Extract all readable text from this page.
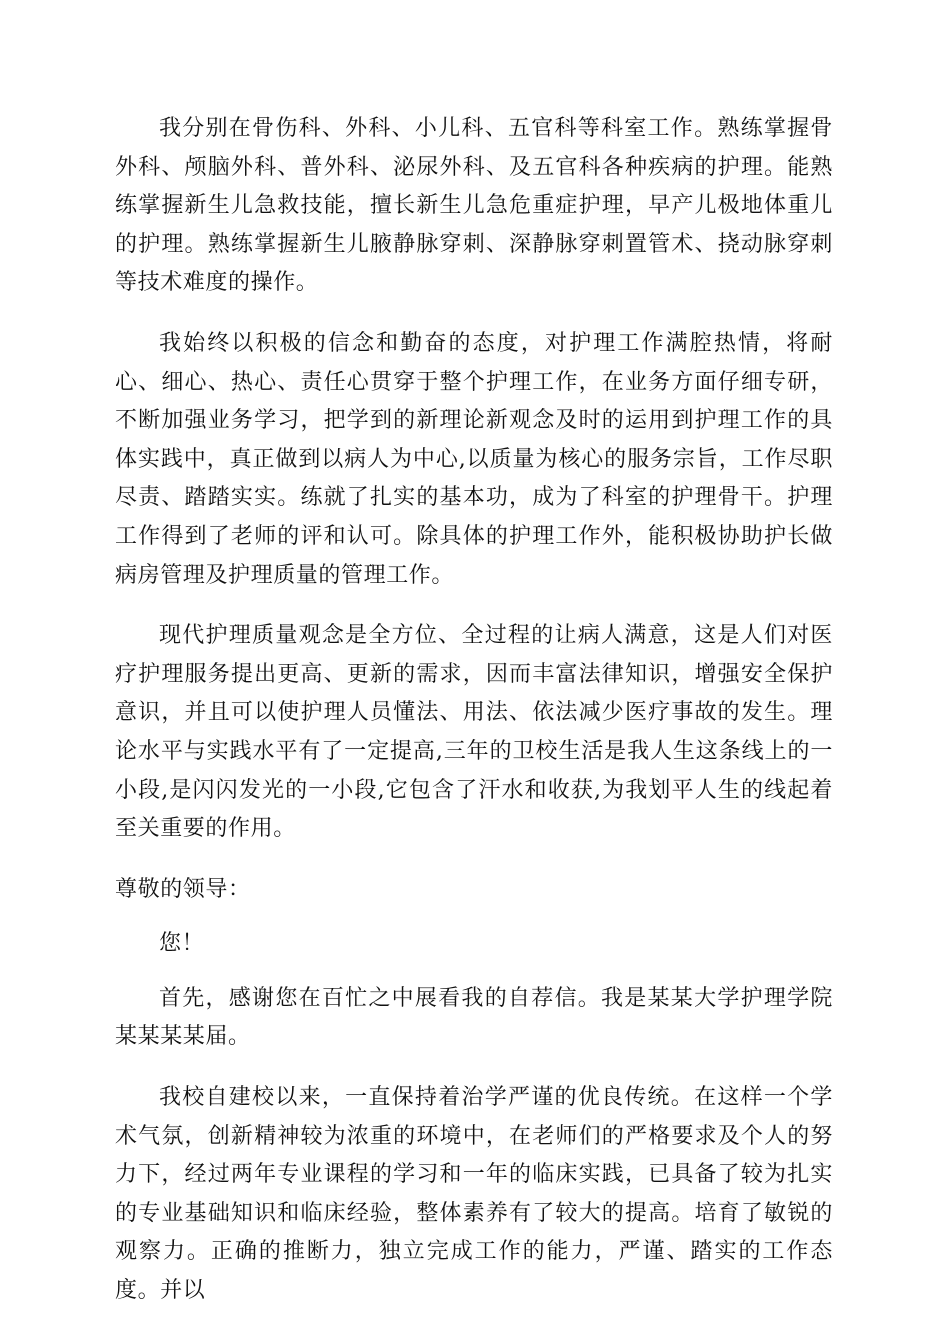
我分别在骨伤科、外科、小儿科、五官科等科室工作。熟练掌握骨外科、颅脑外科、普外科、泌尿外科、及五官科各种疾病的护理。能熟练掌握新生儿急救技能，擅长新生儿急危重症护理，早产儿极地体重儿的护理。熟练掌握新生儿腋静脉穿刺、深静脉穿刺置管术、挠动脉穿刺等技术难度的操作。

我始终以积极的信念和勤奋的态度，对护理工作满腔热情，将耐心、细心、热心、责任心贯穿于整个护理工作，在业务方面仔细专研，不断加强业务学习，把学到的新理论新观念及时的运用到护理工作的具体实践中，真正做到以病人为中心,以质量为核心的服务宗旨，工作尽职尽责、踏踏实实。练就了扎实的基本功，成为了科室的护理骨干。护理工作得到了老师的评和认可。除具体的护理工作外，能积极协助护长做病房管理及护理质量的管理工作。

现代护理质量观念是全方位、全过程的让病人满意，这是人们对医疗护理服务提出更高、更新的需求，因而丰富法律知识，增强安全保护意识，并且可以使护理人员懂法、用法、依法减少医疗事故的发生。理论水平与实践水平有了一定提高,三年的卫校生活是我人生这条线上的一小段,是闪闪发光的一小段,它包含了汗水和收获,为我划平人生的线起着至关重要的作用。

尊敬的领导：

您！

首先，感谢您在百忙之中展看我的自荐信。我是某某大学护理学院某某某某届。

我校自建校以来，一直保持着治学严谨的优良传统。在这样一个学术气氛，创新精神较为浓重的环境中，在老师们的严格要求及个人的努力下，经过两年专业课程的学习和一年的临床实践，已具备了较为扎实的专业基础知识和临床经验，整体素养有了较大的提高。培育了敏锐的观察力。正确的推断力，独立完成工作的能力，严谨、踏实的工作态度。并以
